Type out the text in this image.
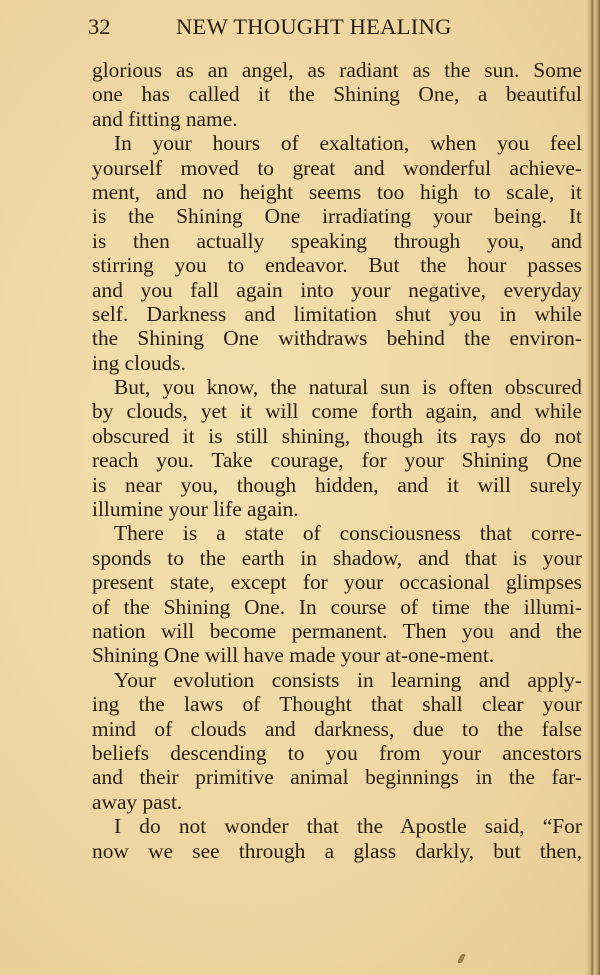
32	NEW THOUGHT HEALING
glorious as an angel, as radiant as the sun. Some
one has called it the Shining One, a beautiful
and fitting name.
In your hours of exaltation, when you feel
yourself moved to great and wonderful achieve-
ment, and no height seems too high to scale, it
is the Shining One irradiating your being. It
is then actually speaking through you, and
stirring you to endeavor. But the hour passes
and you fall again into your negative, everyday
self. Darkness and limitation shut you in while
the Shining One withdraws behind the environ-
ing clouds.
But, you know, the natural sun is often obscured
by clouds, yet it will come forth again, and while
obscured it is still shining, though its rays do not
reach you. Take courage, for your Shining One
is near you, though hidden, and it will surely
illumine your life again.
There is a state of consciousness that corre-
sponds to the earth in shadow, and that is your
present state, except for your occasional glimpses
of the Shining One. In course of time the illumi-
nation will become permanent. Then you and the
Shining One will have made your at-one-ment.
Your evolution consists in learning and apply-
ing the laws of Thought that shall clear your
mind of clouds and darkness, due to the false
beliefs descending to you from your ancestors
and their primitive animal beginnings in the far-
away past.
I do not wonder that the Apostle said, “For
now we see through a glass darkly, but then,
